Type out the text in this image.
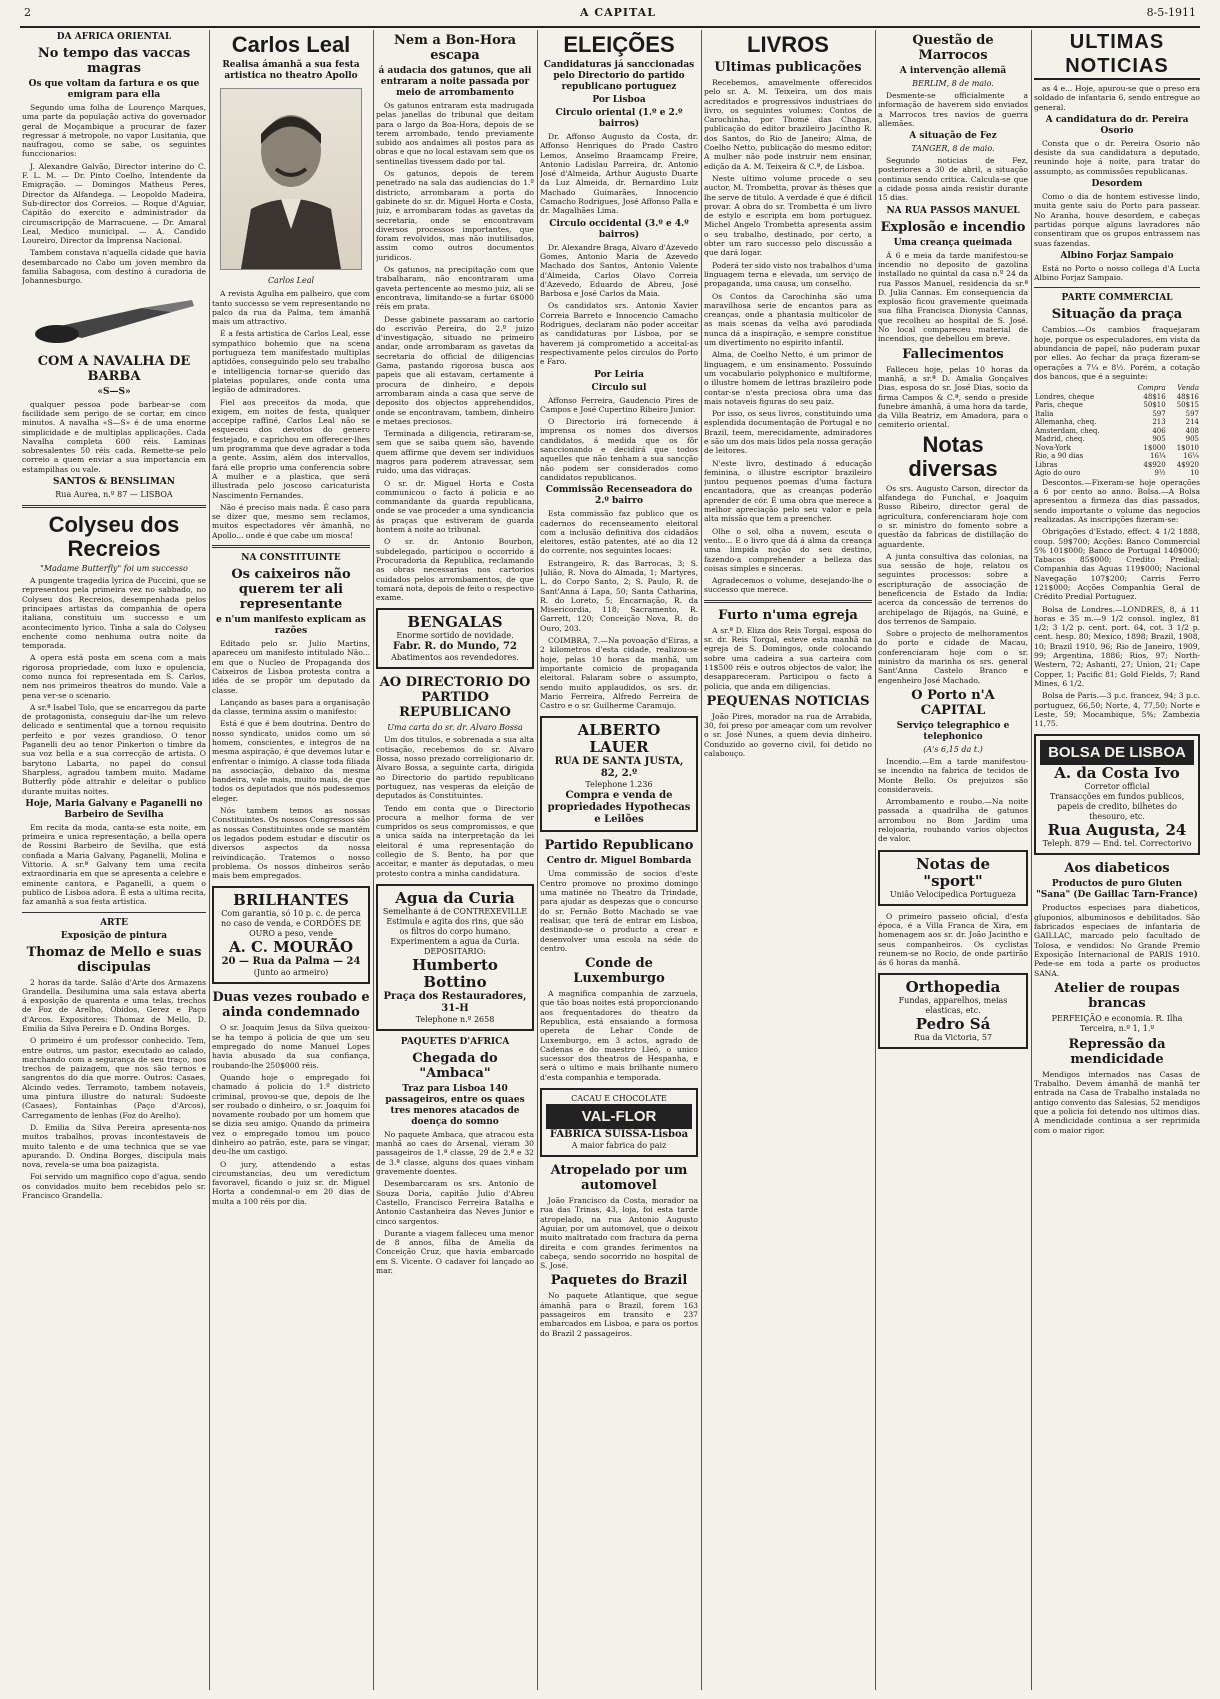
2	A CAPITAL	8-5-1911
DA AFRICA ORIENTAL
No tempo das vaccas magras
Os que voltam da fartura e os que emigram para ella

Segundo uma folha de Lourenço Marques, uma parte da população activa do governador geral de Moçambique a procurar de fazer regressar á metropole, no vapor Lusitania, que naufragou, como se sabe, os seguintes funccionarios:

J. Alexandre Galvão, Director interino do C. F. L. M. — Dr. Pinto Coelho, Intendente da Emigração. — Domingos Matheus Peres, Director da Alfandega. — Leopoldo Madeira, Sub-director dos Correios. — Roque d'Aguiar, Capitão do exercito e administrador da circumscripção de Marracuene. — Dr. Amaral Leal, Medico municipal. — A. Candido Loureiro, Director da Imprensa Nacional.

Tambem constava n'aquella cidade que havia desembarcado no Cabo um joven membro da familia Sabagosa, com destino á curadoria de Johannesburgo.

COM A NAVALHA DE BARBA
«S—S»

qualquer pessoa pode barbear-se com facilidade sem perigo de se cortar, em cinco minutos. A navalha «S—S» é de uma enorme simplicidade e de multiplas applicações. Cada Navalha completa 600 réis. Laminas sobresalentes 50 réis cada. Remette-se pelo correio a quem enviar a sua importancia em estampilhas ou vale.

SANTOS & BENSLIMAN
Rua Aurea, n.º 87 — LISBOA
Colyseu dos Recreios
"Madame Butterfly" foi um successo

A pungente tragedia lyrica de Puccini, que se representou pela primeira vez no sabbado, no Colyseu dos Recreios, desempenhada pelos principaes artistas da companhia de opera italiana, constituiu um successo e um acontecimento lyrico. Tinha a sala do Colyseu enchente como nenhuma outra noite da temporada.

A opera está posta em scena com a mais rigorosa propriedade, com luxo e opulencia, como nunca foi representada em S. Carlos, nem nos primeiros theatros do mundo. Vale a pena ver-se o scenario.

A sr.ª Isabel Tolo, que se encarregou da parte de protagonista, conseguiu dar-lhe um relevo delicado e sentimental que a tornou requisito perfeito e por vezes grandioso. O tenor Paganelli deu ao tenor Pinkerton o timbre da sua voz bella e a sua correcção de artista. O barytono Labarta, no papel do consul Sharpless, agradou tambem muito. Madame Butterfly pôde attrahir e deleitar o publico durante muitas noites.

Hoje, Maria Galvany e Paganelli no Barbeiro de Sevilha

Em recita da moda, canta-se esta noite, em primeira e unica representação, a bella opera de Rossini Barbeiro de Sevilha, que está confiada a Maria Galvany, Paganelli, Molina e Vittorio. A sr.ª Galvany tem uma recita extraordinaria em que se apresenta a celebre e eminente cantora, e Paganelli, a quem o publico de Lisboa adora. É esta a ultima recita, faz amanhã a sua festa artistica.

ARTE
Exposição de pintura
Thomaz de Mello e suas discipulas

2 horas da tarde. Salão d'Arte dos Armazens Grandella. Desilumina uma sala estava aberta á exposição de quarenta e uma telas, trechos de Foz de Arelho, Obidos, Gerez e Paço d'Arcos. Expositores: Thomaz de Mello, D. Emilia da Silva Pereira e D. Ondina Borges.

O primeiro é um professor conhecido. Tem, entre outros, um pastor, executado ao calado, marchando com a segurança de seu traço, nos trechos de paizagem, que nos são ternos e sangrentos do dia que morre. Outros: Casaes, Alcindo vedes. Terramoto, tambem notaveis, uma pintura illustre do natural: Sudoeste (Casaes), Fontainhas (Paço d'Arcos), Carregamento de lenhas (Foz do Arelho).

D. Emilia da Silva Pereira apresenta-nos muitos trabalhos, provas incontestaveis de muito talento e de uma technica que se vae apurando. D. Ondina Borges, discipula mais nova, revela-se uma boa paizagista.

Foi servido um magnifico copo d'agua, sendo os convidados muito bem recebidos pelo sr. Francisco Grandella.

Carlos Leal
Realisa ámanhã a sua festa artistica no theatro Apollo
Carlos Leal

A revista Agulha em palheiro, que com tanto successo se vem representando no palco da rua da Palma, tem ámanhã mais um attractivo.

É a festa artistica de Carlos Leal, esse sympathico bohemio que na scena portugueza tem manifestado multiplas aptidões, conseguindo pelo seu trabalho e intelligencia tornar-se querido das plateias populares, onde conta uma legião de admiradores.

Fiel aos preceitos da moda, que exigem, em noites de festa, qualquer accepipe raffiné, Carlos Leal não se esqueceu dos devotos do genero festejado, e caprichou em offerecer-lhes um programma que deve agradar a toda a gente. Assim, além dos intervallos, fará elle proprio uma conferencia sobre A mulher e a plastica, que será illustrada pelo joscoso caricaturista Nascimento Fernandes.

Não é preciso mais nada. É caso para se dizer que, mesmo sem reclamos, muitos espectadores vêr ámanhã, no Apollo... onde é que cabe um mosca!

NA CONSTITUINTE
Os caixeiros não querem ter ali representante
e n'um manifesto explicam as razões

Editado pelo sr. Julio Martins, apareceu um manifesto intitulado Não... em que o Nucleo de Propaganda dos Caixeiros de Lisboa protesta contra a idéa de se propôr um deputado da classe.

Lançando as bases para a organisação da classe, termina assim o manifesto:

Está é que é bem doutrina. Dentro do nosso syndicato, unidos como um só homem, conscientes, e integros de na mesma aspiração, é que devemos lutar e enfrentar o inimigo. A classe toda filiada na associação, debaixo da mesma bandeira, vale mais, muito mais, de que todos os deputados que nós podessemos eleger.

Nós tambem temos as nossas Constituintes. Os nossos Congressos são as nossas Constituintes onde se mantém os legados podem estudar e discutir os diversos aspectos da nossa reivindicação. Tratemos o nosso problema. Os nossos dinheiros serão mais bem empregados.

BRILHANTES
Com garantia, só 10 p. c. de perca no caso de venda, e CORDÕES DE OURO a peso, vende
A. C. MOURÃO
20 — Rua da Palma — 24
(Junto ao armeiro)
Duas vezes roubado e ainda condemnado

O sr. Joaquim Jesus da Silva queixou-se ha tempo á policia de que um seu empregado do nome Manuel Lopes havia abusado da sua confiança, roubando-lhe 250$000 réis.

Quando hoje o empregado foi chamado á policia do 1.º districto criminal, provou-se que, depois de lhe ser roubado o dinheiro, o sr. Joaquim foi novamente roubado por um homem que se dizia seu amigo. Quando da primeira vez o empregado tomou um pouco dinheiro ao patrão, este, para se vingar, deu-lhe um castigo.

O jury, attendendo a estas circumstancias, deu um veredictum favoravel, ficando o juiz sr. dr. Miguel Horta a condemnal-o em 20 dias de multa a 100 réis por dia.

Nem a Bon-Hora escapa
á audacia dos gatunos, que ali entraram a noite passada por meio de arrombamento

Os gatunos entraram esta madrugada pelas janellas do tribunal que deitam para o largo da Boa-Hora, depois de se terem arrombado, tendo previamente subido aos andaimes ali postos para as obras e que no local estavam sem que os sentinellas tivessem dado por tal.

Os gatunos, depois de terem penetrado na sala das audiencias do 1.º districto, arrombaram a porta do gabinete do sr. dr. Miguel Horta e Costa, juiz, e arrombaram todas as gavetas da secretaria, onde se encontravam diversos processos importantes, que foram revolvidos, mas não inutilisados, assim como outros documentos juridicos.

Os gatunos, na precipitação com que trabalharam, não encontraram uma gaveta pertencente ao mesmo juiz, ali se encontrava, limitando-se a furtar 6$000 réis em prata.

Desse gabinete passaram ao cartorio do escrivão Pereira, do 2.º juizo d'investigação, situado no primeiro andar, onde arrombaram as gavetas da secretaria do official de diligencias Gama, pastando rigorosa busca aos papeis que ali estavam, certamente á procura de dinheiro, e depois arrombaram ainda a casa que serve de deposito dos objectos apprehendidos, onde se encontravam, tambem, dinheiro e metaes preciosos.

Terminada a diligencia, retiraram-se, sem que se saiba quem são, havendo quem affirme que devem ser individuos magros para poderem atravessar, sem ruido, uma das vidraças.

O sr. dr. Miguel Horta e Costa communicou o facto á policia e ao commandante da guarda republicana, onde se vae proceder a uma syndicancia ás praças que estiveram de guarda hontem á noite ao tribunal.

O sr. dr. Antonio Bourbon, subdelegado, participou o occorrido á Procuradoria da Republica, reclamando as obras necessarias nos cartorios cuidados pelos arrombamentos, de que tomará nota, depois de feito o respectivo exame.

BENGALAS
Enorme sortido de novidade.
Fabr. R. do Mundo, 72
Abatimentos aos revendedores.
AO DIRECTORIO DO PARTIDO REPUBLICANO
Uma carta do sr. dr. Alvaro Bossa

Um dos titulos, e sobrenada a sua alta cotisação, recebemos do sr. Alvaro Bossa, nosso prezado correligionario dr. Alvaro Bossa, a seguinte carta, dirigida ao Directorio do partido republicano portuguez, nas vesperas da eleição de deputados ás Constituintes.

Tendo em conta que o Directorio procura a melhor forma de ver cumpridos os seus compromissos, e que a unica saída na interpretação da lei eleitoral é uma representação do collegio de S. Bento, ha por que acceitar, e manter ás deputadas, o meu protesto contra a minha candidatura.

Agua da Curia
Semelhante á de CONTREXEVILLE
Estimula e agita dos rins, que são os filtros do corpo humano. Experimentem a agua da Curia.
DEPOSITARIO:
Humberto Bottino
Praça dos Restauradores, 31-H
Telephone n.º 2658
PAQUETES D'AFRICA
Chegada do "Ambaca"
Traz para Lisboa 140 passageiros, entre os quaes tres menores atacados de doença do somno

No paquete Ambaca, que atracou esta manhã ao caes do Arsenal, vieram 30 passageiros de 1.ª classe, 29 de 2.ª e 32 de 3.ª classe, alguns dos quaes vinham gravemente doentes.

Desembarcaram os srs. Antonio de Souza Doria, capitão Julio d'Abreu Castello, Francisco Ferreira Batalha e Antonio Castanheira das Neves Junior e cinco sargentos.

Durante a viagem falleceu uma menor de 8 annos, filha de Amelia da Conceição Cruz, que havia embarcado em S. Vicente. O cadaver foi lançado ao mar.

ELEIÇÕES
Candidaturas já sanccionadas pelo Directorio do partido republicano portuguez
Por Lisboa
Circulo oriental (1.º e 2.º bairros)

Dr. Affonso Augusto da Costa, dr. Affonso Henriques do Prado Castro Lemos, Anselmo Braamcamp Freire, Antonio Ladislau Parreira, dr. Antonio José d'Almeida, Arthur Augusto Duarte da Luz Almeida, dr. Bernardino Luiz Machado Guimarães, Innocencio Camacho Rodrigues, José Affonso Palla e dr. Magalhães Lima.

Circulo occidental (3.º e 4.º bairros)

Dr. Alexandre Braga, Alvaro d'Azevedo Gomes, Antonio Maria de Azevedo Machado dos Santos, Antonio Valente d'Almeida, Carlos Olavo Correia d'Azevedo, Eduardo de Abreu, José Barbosa e José Carlos da Maia.

Os candidatos srs. Antonio Xavier Correia Barreto e Innocencio Camacho Rodrigues, declaram não poder acceitar as candidaturas por Lisboa, por se haverem já comprometido a acceital-as respectivamente pelos circulos do Porto e Faro.

Por Leiria
Circulo sul

Affonso Ferreira, Gaudencio Pires de Campos e José Cupertino Ribeiro Junior.

O Directorio irá fornecendo á imprensa os nomes dos diversos candidatos, á medida que os fôr sanccionando e decidirá que todos aquelles que não tenham a sua sancção não podem ser considerados como candidatos republicanos.

Commissão Recenseadora do 2.º bairro

Esta commissão faz publico que os cadernos do recenseamento eleitoral com a inclusão definitiva dos cidadãos eleitores, estão patentes, até ao dia 12 do corrente, nos seguintes locaes:

Estrangeiro, R. das Barrocas, 3; S. Julião, R. Nova do Almada, 1; Martyres, L. do Corpo Santo, 2; S. Paulo, R. de Sant'Anna á Lapa, 50; Santa Catharina, R. do Loreto, 5; Encarnação, R. da Misericordia, 118; Sacramento, R. Garrett, 120; Conceição Nova, R. do Ouro, 203.

COIMBRA, 7.—Na povoação d'Eiras, a 2 kilometros d'esta cidade, realizou-se hoje, pelas 10 horas da manhã, um importante comicio de propaganda eleitoral. Falaram sobre o assumpto, sendo muito applaudidos, os srs. dr. Mario Ferreira, Alfredo Ferreira de Castro e o sr. Guilherme Caramujo.

ALBERTO LAUER
RUA DE SANTA JUSTA, 82, 2.º
Telephone 1.236
Compra e venda de propriedades Hypothecas e Leilões
Partido Republicano
Centro dr. Miguel Bombarda

Uma commissão de socios d'este Centro promove no proximo domingo uma matinée no Theatro da Trindade, para ajudar as despezas que o concurso do sr. Fernão Botto Machado se vae realisar, que terá de entrar em Lisboa, destinando-se o producto a crear e desenvolver uma escola na séde do centro.

Conde de Luxemburgo

A magnifica companhia de zarzuela, que tão boas noites está proporcionando aos frequentadores do theatro da Republica, está ensaiando a formosa opereta de Lehar Conde de Luxemburgo, em 3 actos, agrado de Cadenas e do maestro Lleó, o unico sucessor dos theatros de Hespanha, e será o ultimo e mais brilhante numero d'esta companhia e temporada.

CACAU E CHOCOLATE
VAL-FLOR
FABRICA SUISSA-Lisboa
A maior fabrica do paiz
Atropelado por um automovel

João Francisco da Costa, morador na rua das Trinas, 43, loja, foi esta tarde atropelado, na rua Antonio Augusto Aguiar, por um automovel, que o deixou muito maltratado com fractura da perna direita e com grandes ferimentos na cabeça, sendo socorrido no hospital de S. José.

Paquetes do Brazil

No paquete Atlantique, que segue ámanhã para o Brazil, forem 163 passageiros em transito e 237 embarcados em Lisboa, e para os portos do Brazil 2 passageiros.

LIVROS
Ultimas publicações

Recebemos, amavelmente offerecidos pelo sr. A. M. Teixeira, um dos mais acreditados e progressivos industriaes do livro, os seguintes volumes: Contos de Carochinha, por Thomé das Chagas, publicação do editor brazileiro Jacintho R. dos Santos, do Rio de Janeiro; Alma, de Coelho Netto, publicação do mesmo editor; A mulher não pode instruir nem ensinar, edição da A. M. Teixeira & C.ª, de Lisboa.

Neste ultimo volume procede o seu auctor, M. Trombetta, provar ás thèses que lhe serve de titulo. A verdade é que é dificil provar. A obra do sr. Trombetta é um livro de estylo e escripta em bom portuguez. Michel Angelo Trombetta apresenta assim o seu trabalho, destinado, por certo, a obter um raro successo pelo discussão a que dará logar.

Poderá ter sido visto nos trabalhos d'uma linguagem terna e elevada, um serviço de propaganda, uma causa, um conselho.

Os Contos da Carochinha são uma maravilhosa serie de encantos para as creanças, onde a phantasia multicolor de as mais scenas da velha avó parodiada nunca dá a inspiração, e sempre constitue um divertimento no espirito infantil.

Alma, de Coelho Netto, é um primor de linguagem, e um ensinamento. Possuindo um vocabulario polyphonico e multiforme, o illustre homem de lettras brazileiro pode contar-se n'esta preciosa obra uma das mais notaveis figuras do seu paiz.

Por isso, os seus livros, constituindo uma esplendida documentação de Portugal e no Brazil, teem, merecidamente, admiradores e são um dos mais lidos pela nossa geração de leitores.

N'este livro, destinado á educação feminina, o illustre escriptor brazileiro juntou pequenos poemas d'uma factura encantadora, que as creanças poderão aprender de cór. É uma obra que merece a melhor apreciação pelo seu valor e pela alta missão que tem a preencher.

Olhe o sol, olha a nuvem, escuta o vento... E o livro que dá á alma da creança uma limpida noção do seu destino, fazendo-a comprehender a belleza das coisas simples e sinceras.

Agradecemos o volume, desejando-lhe o successo que merece.

Furto n'uma egreja

A sr.ª D. Eliza dos Reis Torgal, esposa do sr. dr. Reis Torgal, esteve esta manhã na egreja de S. Domingos, onde colocando sobre uma cadeira a sua carteira com 11$500 réis e outros objectos de valor, lhe desappareceram. Participou o facto á policia, que anda em diligencias.

PEQUENAS NOTICIAS

João Pires, morador na rua de Arrabida, 30, foi preso por ameaçar com um revolver o sr. José Nunes, a quem devia dinheiro. Conduzido ao governo civil, foi detido no calabouço.

Questão de Marrocos
A intervenção allemã
BERLIM, 8 de maio.

Desmente-se officialmente a informação de haverem sido enviados a Marrocos tres navios de guerra allemães.

A situação de Fez
TANGER, 8 de maio.

Segundo noticias de Fez, posteriores a 30 de abril, a situação continua sendo critica. Calcula-se que a cidade possa ainda resistir durante 15 dias.

NA RUA PASSOS MANUEL
Explosão e incendio
Uma creança queimada

Á 6 e meia da tarde manifestou-se incendio no deposito de gazolina installado no quintal da casa n.º 24 da rua Passos Manuel, residencia da sr.ª D. Julia Cannas. Em consequencia da explosão ficou gravemente queimada sua filha Francisca Dionysia Cannas, que recolheu ao hospital de S. José. No local compareceu material de incendios, que debellou em breve.

Fallecimentos

Falleceu hoje, pelas 10 horas da manhã, a sr.ª D. Amalia Gonçalves Dias, esposa do sr. José Dias, socio da firma Campos & C.ª, sendo o preside funebre ámanhã, á uma hora da tarde, da Villa Beatriz, em Amadora, para o cemiterio oriental.

Notas diversas

Os srs. Augusto Carson, director da alfandega do Funchal, e Joaquim Russo Ribeiro, director geral de agricultura, conferenciaram hoje com o sr. ministro do fomento sobre a questão da fabricas de distillação do aguardente.

A junta consultiva das colonias, na sua sessão de hoje, relatou os seguintes processos: sobre a escripturação de associação de beneficencia de Estado da India; acerca da concessão de terrenos do archipelago de Bijagós, na Guiné, e dos terrenos de Sampaio.

Sobre o projecto de melhoramentos do porto e cidade de Macau, conferenciaram hoje com o sr. ministro da marinha os srs. general Sant'Anna Castelo Branco e engenheiro José Machado.

O Porto n'A CAPITAL
Serviço telegraphico e telephonico
(A's 6,15 da t.)

Incendio.—Em a tarde manifestou-se incendio na fabrica de tecidos de Monte Bello. Os prejuizos são consideraveis.

Arrombamento e roubo.—Na noite passada a quadrilha de gatunos arrombou no Bom Jardim uma relojoaria, roubando varios objectos de valor.

Notas de "sport"
União Velocipedica Portugueza

O primeiro passeio oficial, d'esta época, é a Villa Franca de Xira, em homenagem aos sr. dr. João Jacintho e seus companheiros. Os cyclistas reunem-se no Rocio, de onde partirão ás 6 horas da manhã.

Orthopedia
Fundas, apparelhos, meias elasticas, etc.
Pedro Sá
Rua da Victoria, 57
ULTIMAS NOTICIAS

as 4 e... Hoje, apurou-se que o preso era soldado de infantaria 6, sendo entregue ao general.

A candidatura do dr. Pereira Osorio

Consta que o dr. Pereira Osorio não desiste da sua candidatura a deputado, reunindo hoje á noite, para tratar do assumpto, as commissões republicanas.

Desordem

Como o dia de hontem estivesse lindo, muita gente saiu do Porto para passear. No Aranha, houve desordem, e cabeças partidas porque alguns lavradores não consentiram que os grupos entrassem nas suas fazendas.

Albino Forjaz Sampaio

Está no Porto o nosso collega d'A Lucta Albino Forjaz Sampaio.

PARTE COMMERCIAL
Situação da praça

Cambios.—Os cambios fraquejaram hoje, porque os especuladores, em vista da abundancia de papel, não puderam puxar por elles. Ao fechar da praça fizeram-se operações a 7¼ e 8½. Porém, a cotação dos bancos, que é a seguinte:

	Compra	Venda
Londres, cheque	48$16	48$16
Paris, cheque	50$10	50$15
Italia	597	597
Allemanha, cheq.	213	214
Amsterdam, cheq.	406	408
Madrid, cheq.	905	905
Nova-York	1$000	1$010
Rio, a 90 dias	16¼	16¼
Libras	4$920	4$920
Agio do ouro	9½	10

Descontos.—Fixeram-se hoje operações a 6 por cento ao anno. Bolsa.—A Bolsa apresentou a firmeza das dias passados, sendo importante o volume das negocios realizadas. As inscripções fizeram-se:

Obrigações d'Estado, effect. 4 1/2 1888, coup. 59$700; Acções: Banco Commercial 5% 101$000; Banco de Portugal 140$000; Tabacos 85$000; Credito Predial; Companhia das Aguas 119$000; Nacional Navegação 107$200; Carris Ferro 121$000; Acções Companhia Geral de Crédito Predial Portuguez.

Bolsa de Londres.—LONDRES, 8, á 11 horas e 35 m.—9 1/2 consol. inglez, 81 1/2; 3 1/2 p. cent. port. 64, cot. 3 1/2 p. cent. hesp. 80; Mexico, 1898; Brazil, 1908, 10; Brazil 1910, 96; Rio de Janeiro, 1909, 99; Argentina, 1886; Rios, 97; North-Western, 72; Ashanti, 27; Union, 21; Cape Copper, 1; Pacific 81; Gold Fields, 7; Rand Mines, 6 1/2.

Bolsa de Paris.—3 p.c. francez, 94; 3 p.c. portuguez, 66,50; Norte, 4, 77,50; Norte e Leste, 59; Mocambique, 5%; Zambezia 11,75.

BOLSA DE LISBOA
A. da Costa Ivo
Corretor official
Transacções em fundos publicos, papeis de credito, bilhetes do thesouro, etc.
Rua Augusta, 24
Teleph. 879 — End. tel. Correctorivo
Aos diabeticos
Productos de puro Gluten "Sana" (De Gaillac Tarn-France)

Productos especiaes para diabeticos, gluponios, albuminosos e debilitados. São fabricados especiaes de infantaria de GAILLAC, marcado pelo facultado de Tolosa, e vendidos: No Grande Premio Exposição Internacional de PARIS 1910. Pede-se em toda a parte os productos SANA.

Atelier de roupas brancas
PERFEIÇÃO e economia. R. Ilha Terceira, n.º 1, 1.º
Repressão da mendicidade

Mendigos internados nas Casas de Trabalho. Devem ámanhã de manhã ter entrada na Casa de Trabalho instalada no antigo convento das Salesias, 52 mendigos que a policia foi detendo nos ultimos dias. A mendicidade continua a ser reprimida com o maior rigor.
